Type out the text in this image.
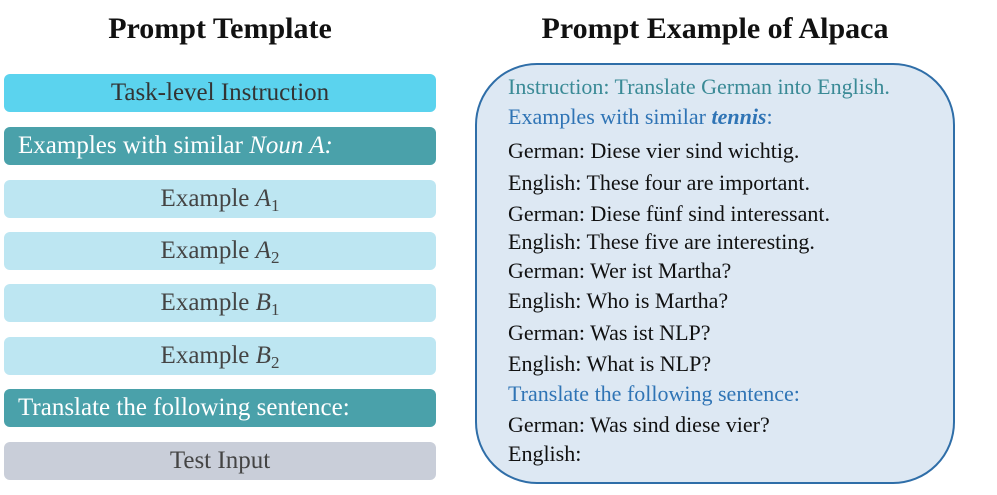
Prompt Template	Prompt Example of Alpaca
Task-level Instruction
Examples with similar Noun A:
Example $A_1$
Example $A_2$
Example $B_1$
Example $B_2$
Translate the following sentence:
Test Input
Instruction: Translate German into English.
Examples with similar tennis:
German: Diese vier sind wichtig.
English: These four are important.
German: Diese fünf sind interessant.
English: These five are interesting.
German: Wer ist Martha?
English: Who is Martha?
German: Was ist NLP?
English: What is NLP?
Translate the following sentence:
German: Was sind diese vier?
English:
